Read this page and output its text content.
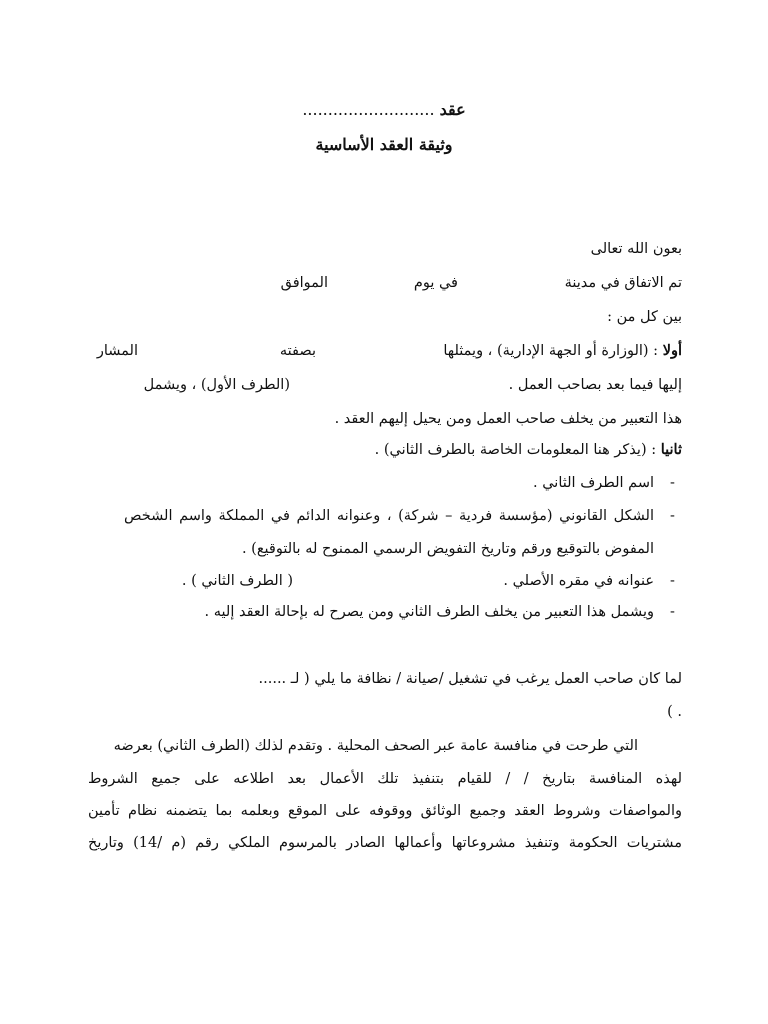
عقد ..........................
وثيقة العقد الأساسية
بعون الله تعالى
تم الاتفاق في مدينة
في يوم
الموافق
بين كل من :
أولا : (الوزارة أو الجهة الإدارية) ، ويمثلها
بصفته
المشار
إليها فيما بعد بصاحب العمل .
(الطرف الأول) ، ويشمل
هذا التعبير من يخلف صاحب العمل ومن يحيل إليهم العقد .
ثانيا : (يذكر هنا المعلومات الخاصة بالطرف الثاني) .
-
اسم الطرف الثاني .
-
الشكل القانوني (مؤسسة فردية – شركة) ، وعنوانه الدائم في المملكة واسم الشخص
المفوض بالتوقيع ورقم وتاريخ التفويض الرسمي الممنوح له بالتوقيع) .
-
عنوانه في مقره الأصلي .
( الطرف الثاني ) .
-
ويشمل هذا التعبير من يخلف الطرف الثاني ومن يصرح له بإحالة العقد إليه .
لما كان صاحب العمل يرغب في تشغيل /صيانة / نظافة ما يلي ( لـ ......
. )
التي طرحت في منافسة عامة عبر الصحف المحلية . وتقدم لذلك (الطرف الثاني) بعرضه
لهذه المنافسة بتاريخ / / للقيام بتنفيذ تلك الأعمال بعد اطلاعه على جميع الشروط
والمواصفات وشروط العقد وجميع الوثائق ووقوفه على الموقع وبعلمه بما يتضمنه نظام تأمين
مشتريات الحكومة وتنفيذ مشروعاتها وأعمالها الصادر بالمرسوم الملكي رقم (م /14) وتاريخ
